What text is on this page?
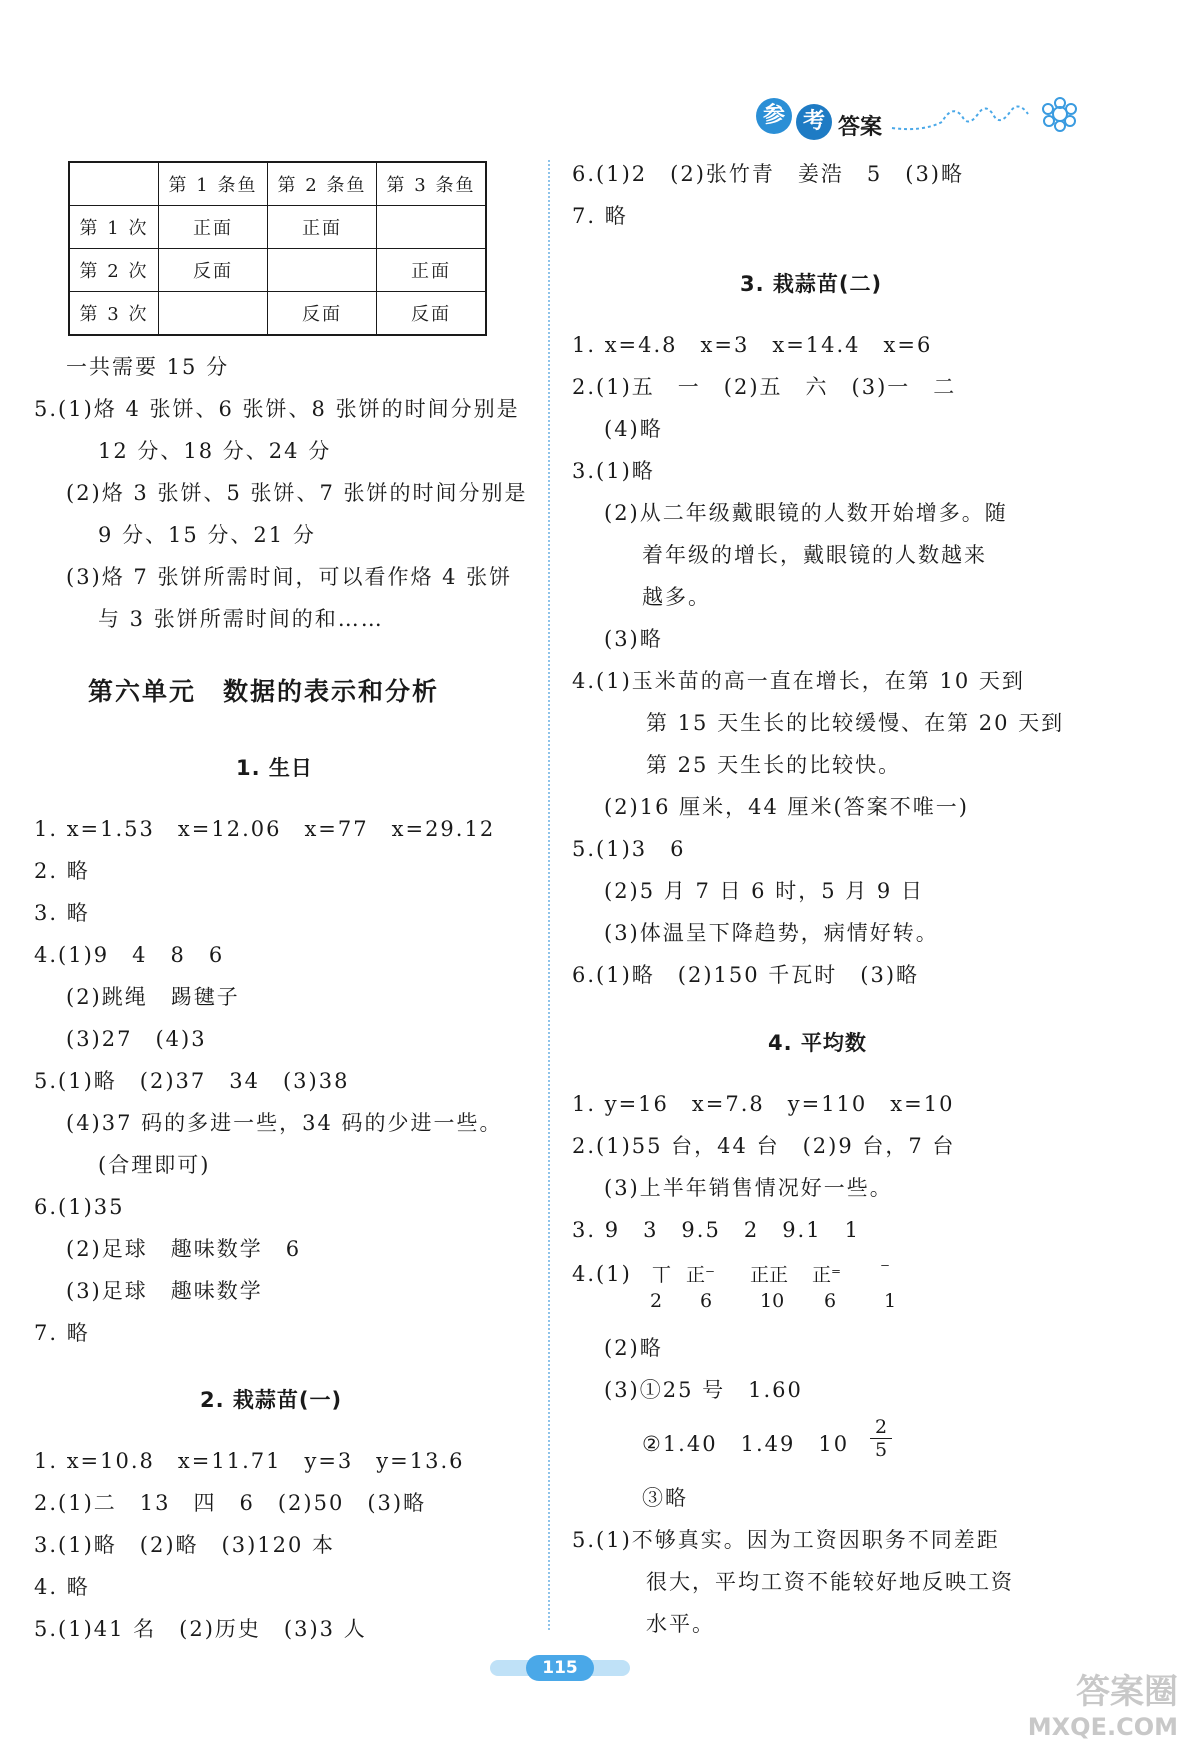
参 考 答案
	第 1 条鱼	第 2 条鱼	第 3 条鱼
第 1 次	正面	正面	
第 2 次	反面		正面
第 3 次		反面	反面
一共需要 15 分
5.(1)烙 4 张饼、6 张饼、8 张饼的时间分别是
12 分、18 分、24 分
(2)烙 3 张饼、5 张饼、7 张饼的时间分别是
9 分、15 分、21 分
(3)烙 7 张饼所需时间，可以看作烙 4 张饼
与 3 张饼所需时间的和……
第六单元　数据的表示和分析
1. 生日
1. x=1.53　x=12.06　x=77　x=29.12
2. 略
3. 略
4.(1)9　4　8　6
(2)跳绳　踢毽子
(3)27　(4)3
5.(1)略　(2)37　34　(3)38
(4)37 码的多进一些，34 码的少进一些。
(合理即可)
6.(1)35
(2)足球　趣味数学　6
(3)足球　趣味数学
7. 略
2. 栽蒜苗(一)
1. x=10.8　x=11.71　y=3　y=13.6
2.(1)二　13　四　6　(2)50　(3)略
3.(1)略　(2)略　(3)120 本
4. 略
5.(1)41 名　(2)历史　(3)3 人
6.(1)2　(2)张竹青　姜浩　5　(3)略
7. 略
3. 栽蒜苗(二)
1. x=4.8　x=3　x=14.4　x=6
2.(1)五　一　(2)五　六　(3)一　二
(4)略
3.(1)略
(2)从二年级戴眼镜的人数开始增多。随
着年级的增长，戴眼镜的人数越来
越多。
(3)略
4.(1)玉米苗的高一直在增长，在第 10 天到
第 15 天生长的比较缓慢、在第 20 天到
第 25 天生长的比较快。
(2)16 厘米，44 厘米(答案不唯一)
5.(1)3　6
(2)5 月 7 日 6 时，5 月 9 日
(3)体温呈下降趋势，病情好转。
6.(1)略　(2)150 千瓦时　(3)略
4. 平均数
1. y=16　x=7.8　y=110　x=10
2.(1)55 台，44 台　(2)9 台，7 台
(3)上半年销售情况好一些。
3. 9　3　9.5　2　9.1　1
4.(1) 丅 正⁻ 正正 正⁼ ⁻
2 6	10 6	1
(2)略
(3)①25 号　1.60
②1.40　1.49　$10 \frac{2}{5}$
③略
5.(1)不够真实。因为工资因职务不同差距
很大，平均工资不能较好地反映工资
水平。
115
答案圈
MXQE.COM
